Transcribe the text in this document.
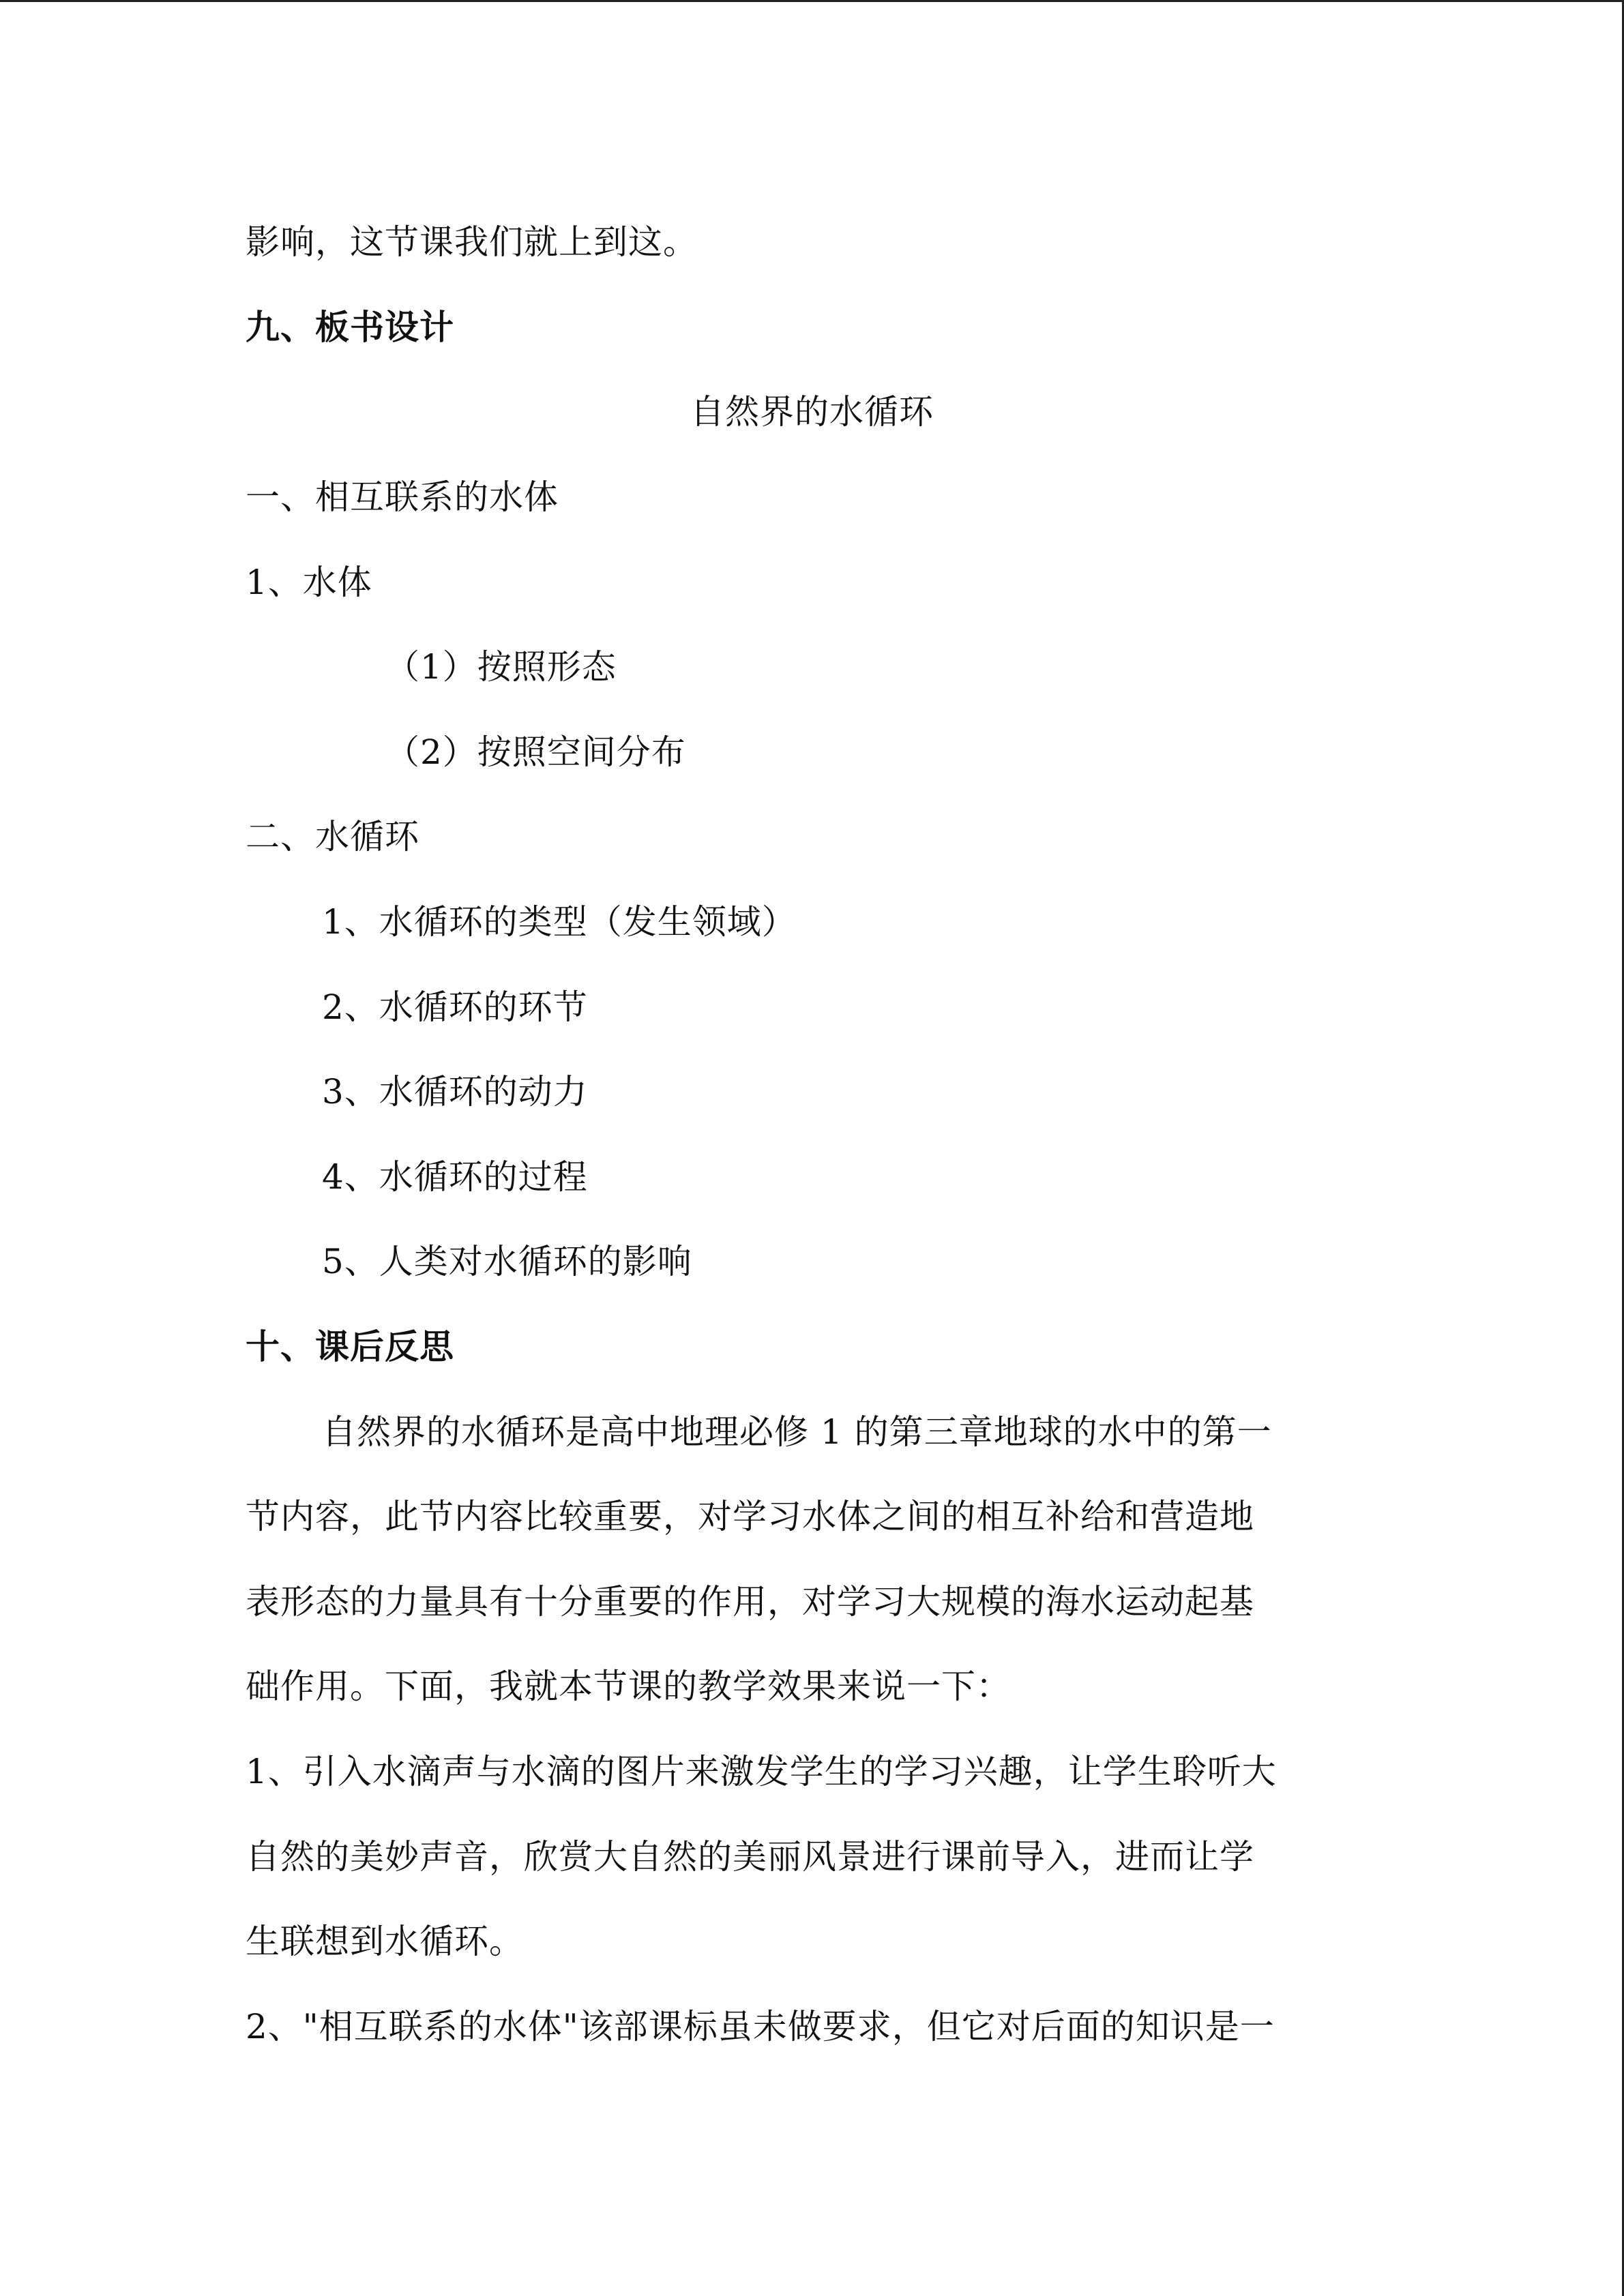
影响，这节课我们就上到这。
九、板书设计
自然界的水循环
一、相互联系的水体
1、水体
（1）按照形态
（2）按照空间分布
二、水循环
1、水循环的类型（发生领域）
2、水循环的环节
3、水循环的动力
4、水循环的过程
5、人类对水循环的影响
十、课后反思
自然界的水循环是高中地理必修 1 的第三章地球的水中的第一
节内容，此节内容比较重要，对学习水体之间的相互补给和营造地
表形态的力量具有十分重要的作用，对学习大规模的海水运动起基
础作用。下面，我就本节课的教学效果来说一下：
1、引入水滴声与水滴的图片来激发学生的学习兴趣，让学生聆听大
自然的美妙声音，欣赏大自然的美丽风景进行课前导入，进而让学
生联想到水循环。
2、"相互联系的水体"该部课标虽未做要求，但它对后面的知识是一
